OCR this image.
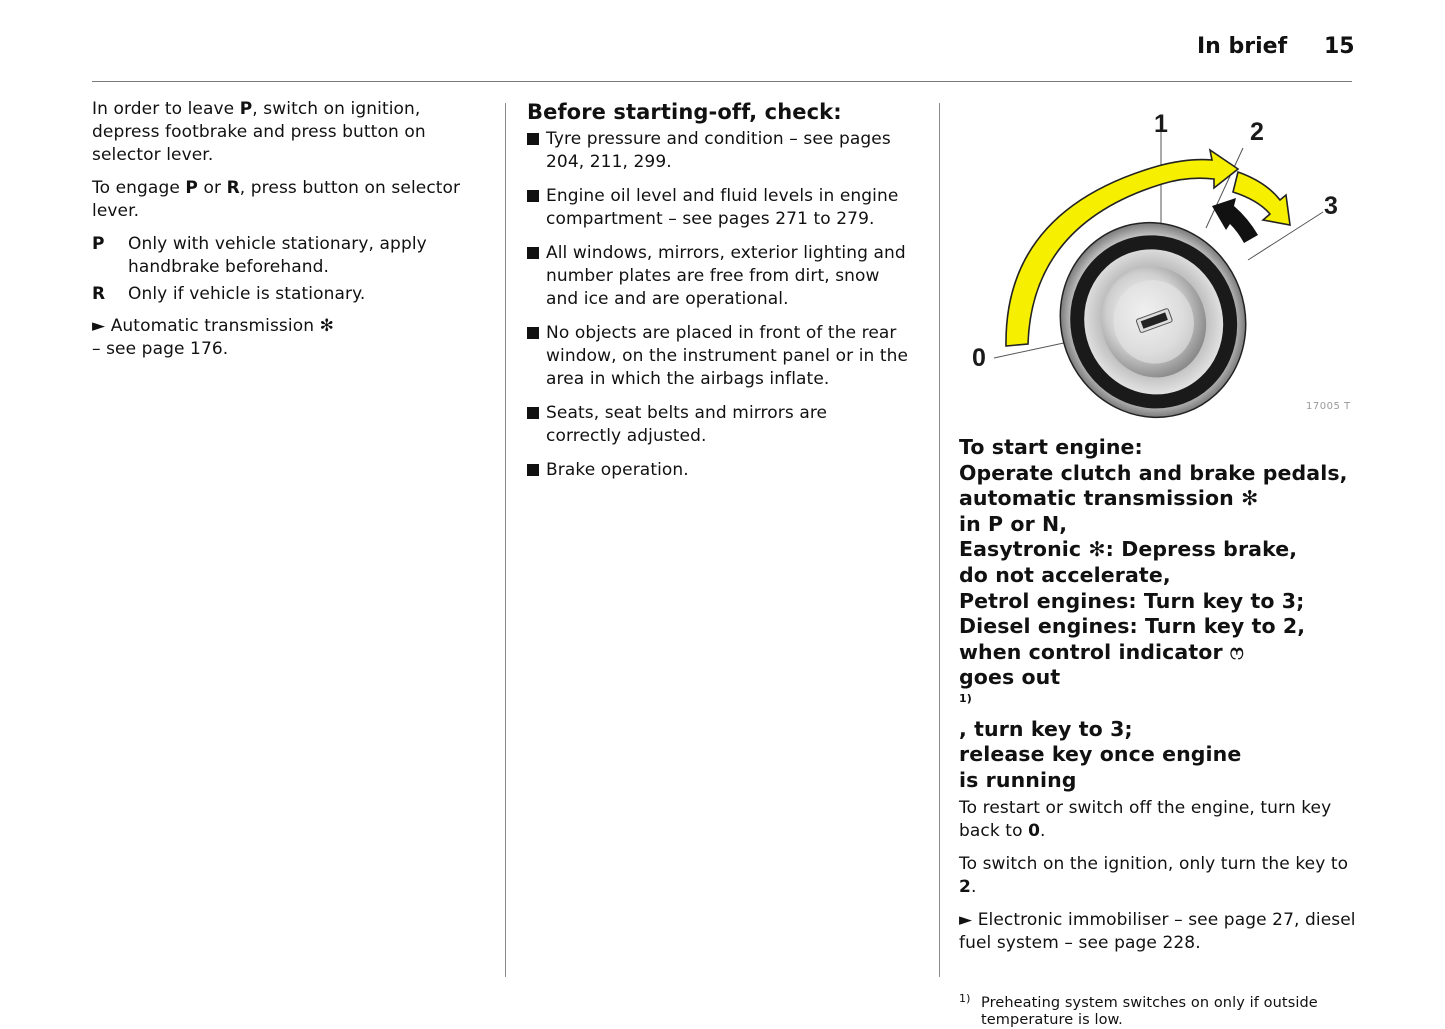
In brief 15

In order to leave P, switch on ignition, depress footbrake and press button on selector lever.

To engage P or R, press button on selector lever.

P	Only with vehicle stationary, apply handbrake beforehand.
R	Only if vehicle is stationary.

► Automatic transmission ✻
– see page 176.

Before starting-off, check:
Tyre pressure and condition – see pages 204, 211, 299.
Engine oil level and fluid levels in engine compartment – see pages 271 to 279.
All windows, mirrors, exterior lighting and number plates are free from dirt, snow and ice and are operational.
No objects are placed in front of the rear window, on the instrument panel or in the area in which the airbags inflate.
Seats, seat belts and mirrors are correctly adjusted.
Brake operation.
1	2
3
0
17005 T
To start engine:
Operate clutch and brake pedals,
automatic transmission ✻
in P or N,
Easytronic ✻: Depress brake,
do not accelerate,
Petrol engines: Turn key to 3;
Diesel engines: Turn key to 2,
when control indicator ෆ
goes out
$^{1)}$
, turn key to 3;
release key once engine
is running

To restart or switch off the engine, turn key back to 0.

To switch on the ignition, only turn the key to 2.

► Electronic immobiliser – see page 27, diesel fuel system – see page 228.

1) Preheating system switches on only if outside temperature is low.
